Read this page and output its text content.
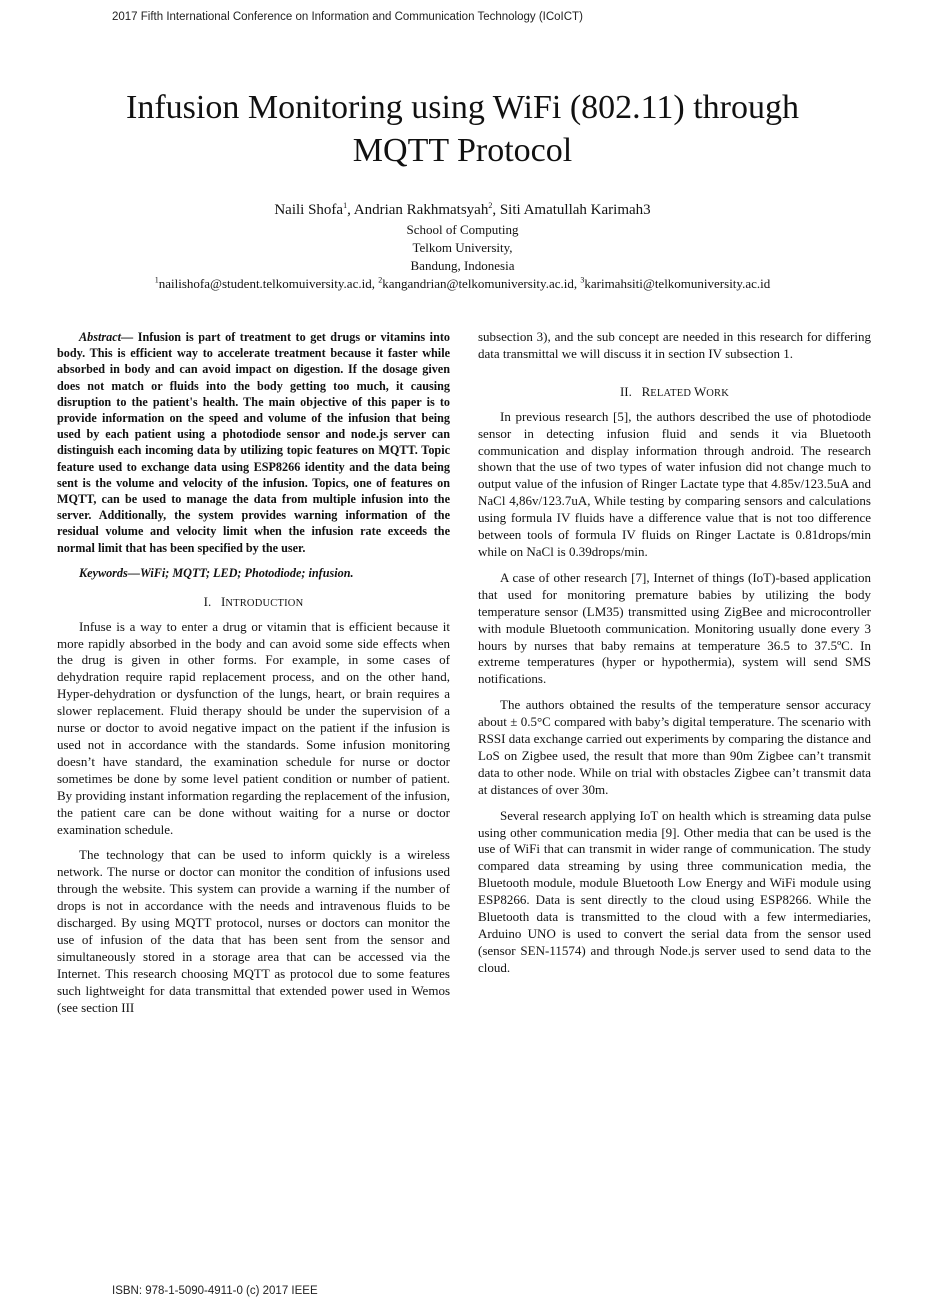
2017 Fifth International Conference on Information and Communication Technology (ICoICT)
Infusion Monitoring using WiFi (802.11) through
MQTT Protocol
Naili Shofa$^1$, Andrian Rakhmatsyah$^2$, Siti Amatullah Karimah3
School of Computing
Telkom University,
Bandung, Indonesia
$^1$nailishofa@student.telkomuiversity.ac.id, $^2$kangandrian@telkomuniversity.ac.id, $^3$karimahsiti@telkomuniversity.ac.id

Abstract— Infusion is part of treatment to get drugs or vitamins into body. This is efficient way to accelerate treatment because it faster while absorbed in body and can avoid impact on digestion. If the dosage given does not match or fluids into the body getting too much, it causing disruption to the patient's health. The main objective of this paper is to provide information on the speed and volume of the infusion that being used by each patient using a photodiode sensor and node.js server can distinguish each incoming data by utilizing topic features on MQTT. Topic feature used to exchange data using ESP8266 identity and the data being sent is the volume and velocity of the infusion. Topics, one of features on MQTT, can be used to manage the data from multiple infusion into the server. Additionally, the system provides warning information of the residual volume and velocity limit when the infusion rate exceeds the normal limit that has been specified by the user.

Keywords—WiFi; MQTT; LED; Photodiode; infusion.

I. INTRODUCTION

Infuse is a way to enter a drug or vitamin that is efficient because it more rapidly absorbed in the body and can avoid some side effects when the drug is given in other forms. For example, in some cases of dehydration require rapid replacement process, and on the other hand, Hyper-dehydration or dysfunction of the lungs, heart, or brain requires a slower replacement. Fluid therapy should be under the supervision of a nurse or doctor to avoid negative impact on the patient if the infusion is used not in accordance with the standards. Some infusion monitoring doesn’t have standard, the examination schedule for nurse or doctor sometimes be done by some level patient condition or number of patient. By providing instant information regarding the replacement of the infusion, the patient care can be done without waiting for a nurse or doctor examination schedule.

The technology that can be used to inform quickly is a wireless network. The nurse or doctor can monitor the condition of infusions used through the website. This system can provide a warning if the number of drops is not in accordance with the needs and intravenous fluids to be discharged. By using MQTT protocol, nurses or doctors can monitor the use of infusion of the data that has been sent from the sensor and simultaneously stored in a storage area that can be accessed via the Internet. This research choosing MQTT as protocol due to some features such lightweight for data transmittal that extended power used in Wemos (see section III

subsection 3), and the sub concept are needed in this research for differing data transmittal we will discuss it in section IV subsection 1.

II. RELATED WORK

In previous research [5], the authors described the use of photodiode sensor in detecting infusion fluid and sends it via Bluetooth communication and display information through android. The research shown that the use of two types of water infusion did not change much to output value of the infusion of Ringer Lactate type that 4.85v/123.5uA and NaCl 4,86v/123.7uA, While testing by comparing sensors and calculations using formula IV fluids have a difference value that is not too difference between tools of formula IV fluids on Ringer Lactate is 0.81drops/min while on NaCl is 0.39drops/min.

A case of other research [7], Internet of things (IoT)-based application that used for monitoring premature babies by utilizing the body temperature sensor (LM35) transmitted using ZigBee and microcontroller with module Bluetooth communication. Monitoring usually done every 3 hours by nurses that baby remains at temperature 36.5 to 37.5ºC. In extreme temperatures (hyper or hypothermia), system will send SMS notifications.

The authors obtained the results of the temperature sensor accuracy about ± 0.5°C compared with baby’s digital temperature. The scenario with RSSI data exchange carried out experiments by comparing the distance and LoS on Zigbee used, the result that more than 90m Zigbee can’t transmit data to other node. While on trial with obstacles Zigbee can’t transmit data at distances of over 30m.

Several research applying IoT on health which is streaming data pulse using other communication media [9]. Other media that can be used is the use of WiFi that can transmit in wider range of communication. The study compared data streaming by using three communication media, the Bluetooth module, module Bluetooth Low Energy and WiFi module using ESP8266. Data is sent directly to the cloud using ESP8266. While the Bluetooth data is transmitted to the cloud with a few intermediaries, Arduino UNO is used to convert the serial data from the sensor used (sensor SEN-11574) and through Node.js server used to send data to the cloud.

ISBN: 978-1-5090-4911-0 (c) 2017 IEEE
